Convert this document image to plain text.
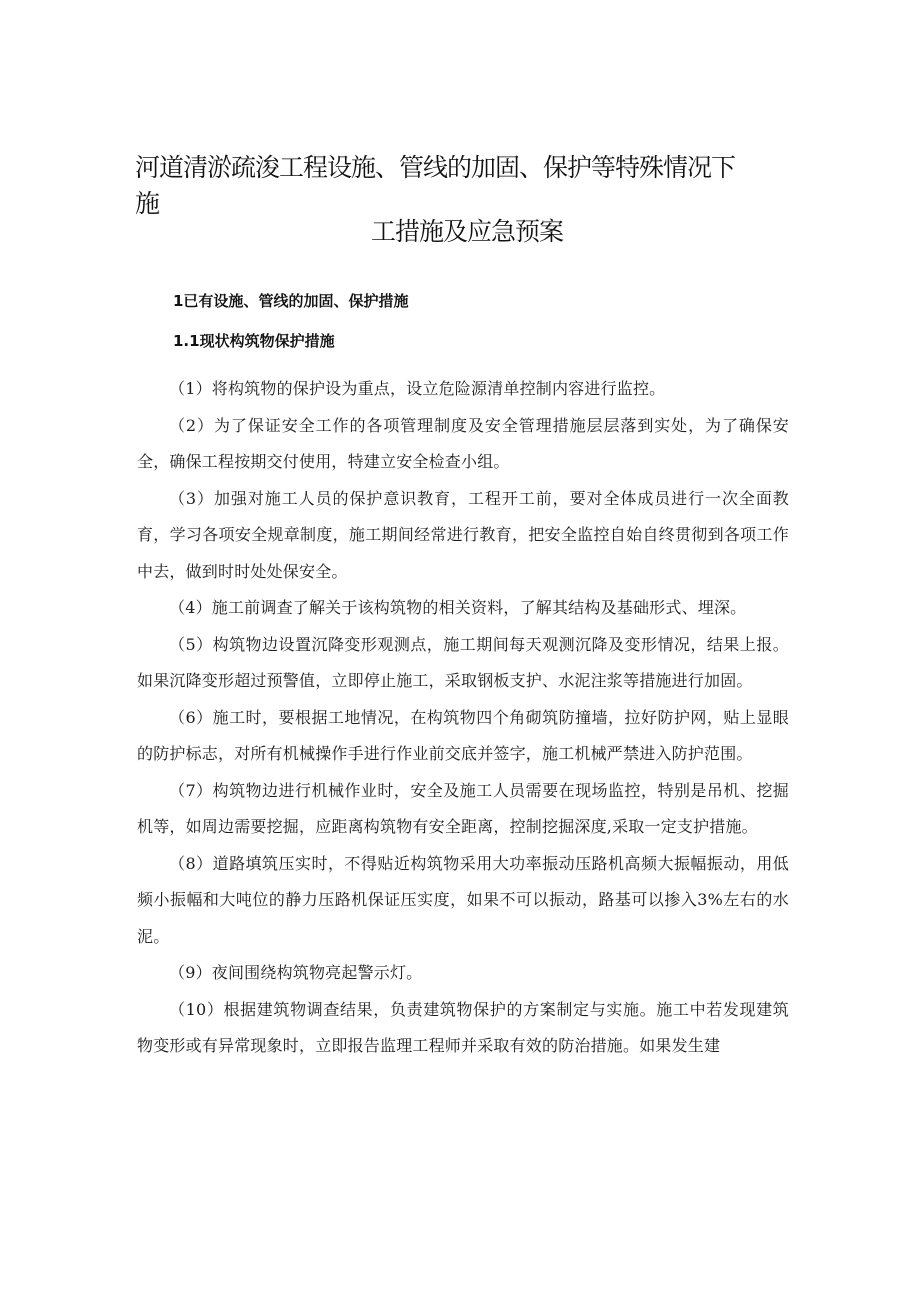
河道清淤疏浚工程设施、管线的加固、保护等特殊情况下施
工措施及应急预案
1已有设施、管线的加固、保护措施
1.1现状构筑物保护措施

（1）将构筑物的保护设为重点，设立危险源清单控制内容进行监控。

（2）为了保证安全工作的各项管理制度及安全管理措施层层落到实处，为了确保安全，确保工程按期交付使用，特建立安全检查小组。

（3）加强对施工人员的保护意识教育，工程开工前，要对全体成员进行一次全面教育，学习各项安全规章制度，施工期间经常进行教育，把安全监控自始自终贯彻到各项工作中去，做到时时处处保安全。

（4）施工前调查了解关于该构筑物的相关资料，了解其结构及基础形式、埋深。

（5）构筑物边设置沉降变形观测点，施工期间每天观测沉降及变形情况，结果上报。如果沉降变形超过预警值，立即停止施工，采取钢板支护、水泥注浆等措施进行加固。

（6）施工时，要根据工地情况，在构筑物四个角砌筑防撞墙，拉好防护网，贴上显眼的防护标志，对所有机械操作手进行作业前交底并签字，施工机械严禁进入防护范围。

（7）构筑物边进行机械作业时，安全及施工人员需要在现场监控，特别是吊机、挖掘机等，如周边需要挖掘，应距离构筑物有安全距离，控制挖掘深度,采取一定支护措施。

（8）道路填筑压实时，不得贴近构筑物采用大功率振动压路机高频大振幅振动，用低频小振幅和大吨位的静力压路机保证压实度，如果不可以振动，路基可以掺入3%左右的水泥。

（9）夜间围绕构筑物亮起警示灯。

（10）根据建筑物调查结果，负责建筑物保护的方案制定与实施。施工中若发现建筑物变形或有异常现象时，立即报告监理工程师并采取有效的防治措施。如果发生建
